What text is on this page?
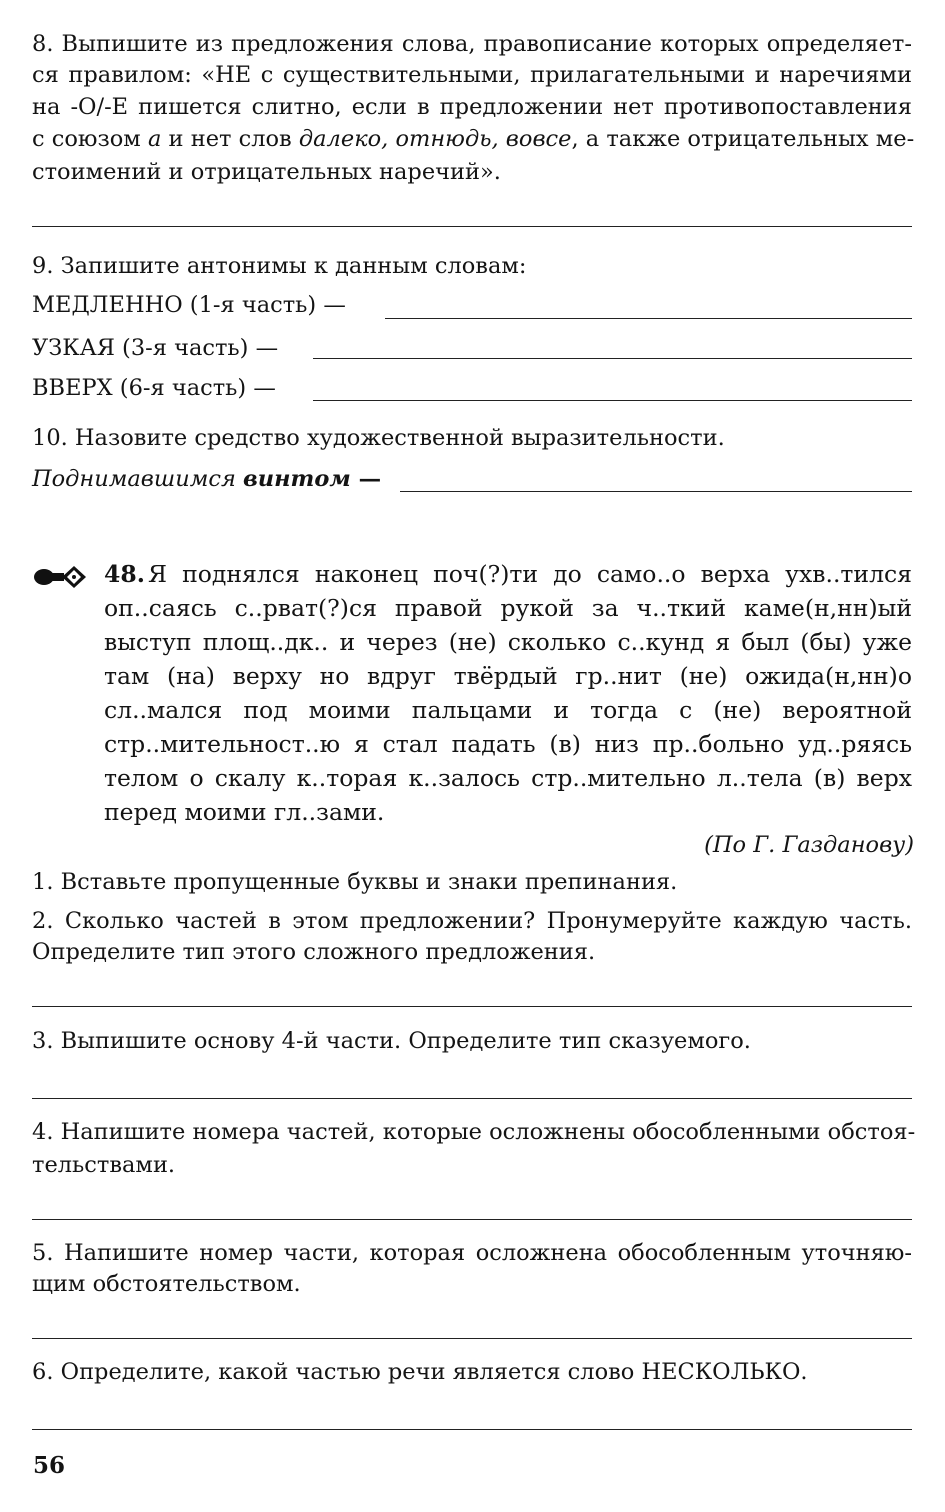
8. Выпишите из предложения слова, правописание которых определяет-
ся правилом: «НЕ с существительными, прилагательными и наречиями
на -О/-Е пишется слитно, если в предложении нет противопоставления
с союзом а и нет слов далеко, отнюдь, вовсе, а также отрицательных ме-
стоимений и отрицательных наречий».
9. Запишите антонимы к данным словам:
МЕДЛЕННО (1-я часть) —
УЗКАЯ (3-я часть) —
ВВЕРХ (6-я часть) —
10. Назовите средство художественной выразительности.
Поднимавшимся винтом —
48. Я поднялся наконец поч(?)ти до само..о верха ухв..тился
оп..саясь с..рват(?)ся правой рукой за ч..ткий каме(н,нн)ый
выступ площ..дк.. и через (не) сколько с..кунд я был (бы) уже
там (на) верху но вдруг твёрдый гр..нит (не) ожида(н,нн)о
сл..мался под моими пальцами и тогда с (не) вероятной
стр..мительност..ю я стал падать (в) низ пр..больно уд..ряясь
телом о скалу к..торая к..залось стр..мительно л..тела (в) верх
перед моими гл..зами.
(По Г. Газданову)
1. Вставьте пропущенные буквы и знаки препинания.
2. Сколько частей в этом предложении? Пронумеруйте каждую часть.
Определите тип этого сложного предложения.
3. Выпишите основу 4-й части. Определите тип сказуемого.
4. Напишите номера частей, которые осложнены обособленными обстоя-
тельствами.
5. Напишите номер части, которая осложнена обособленным уточняю-
щим обстоятельством.
6. Определите, какой частью речи является слово НЕСКОЛЬКО.
56
